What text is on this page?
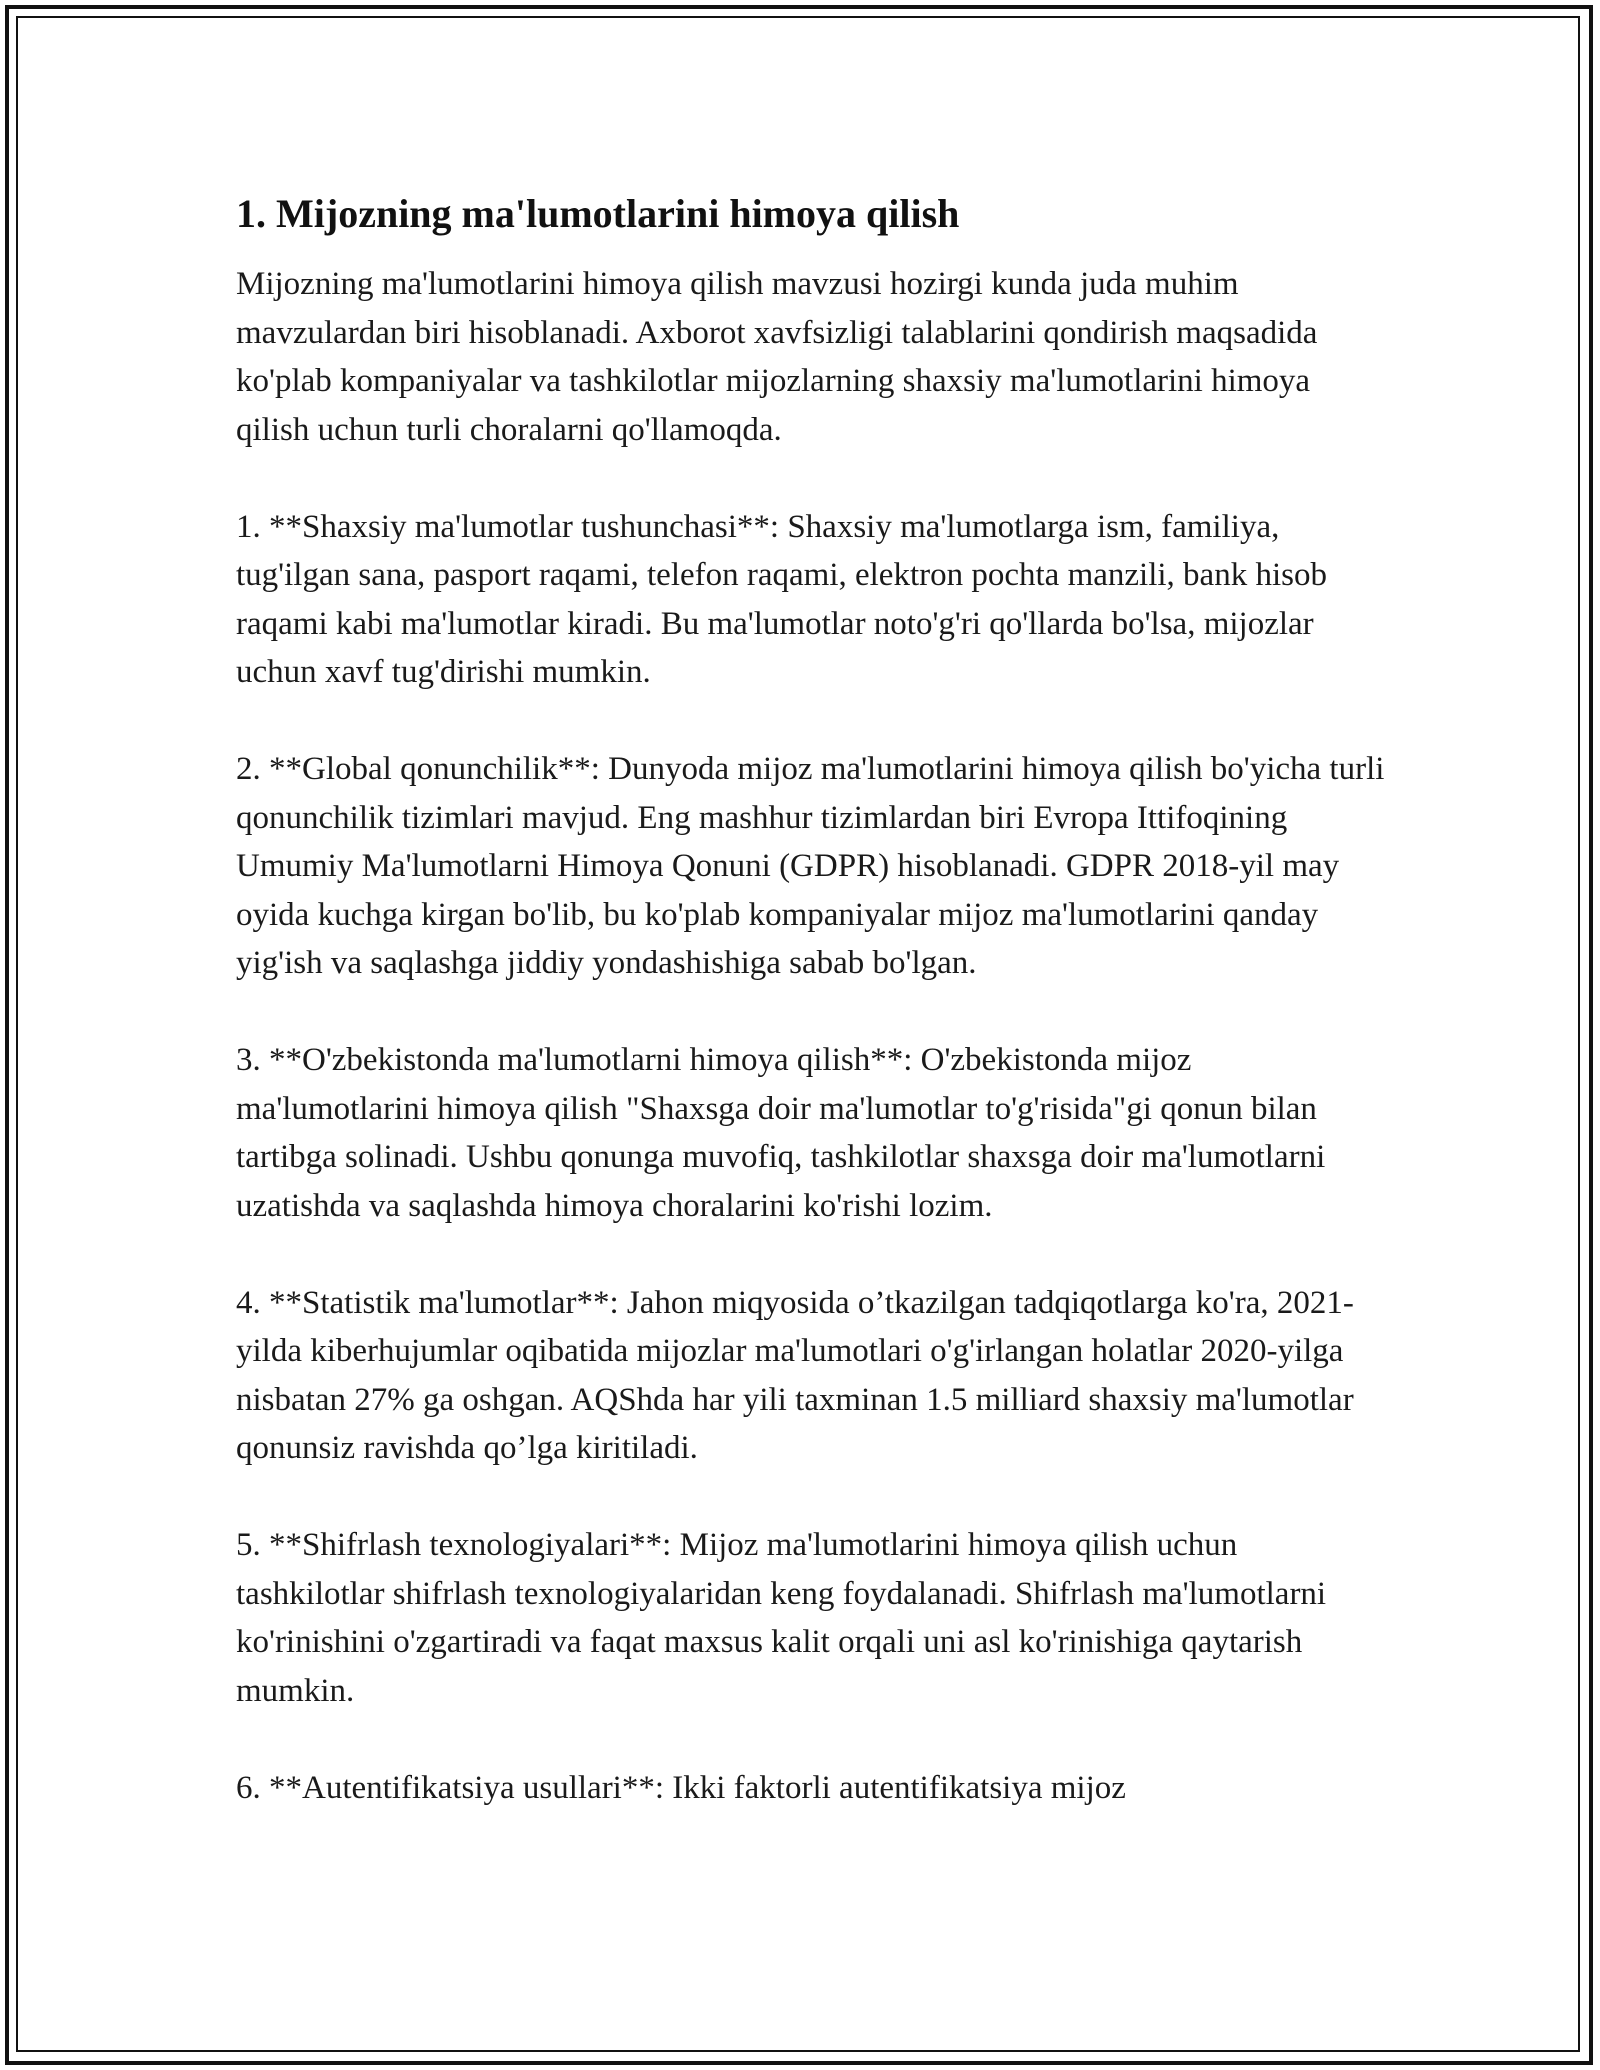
1. Mijozning ma'lumotlarini himoya qilish

Mijozning ma'lumotlarini himoya qilish mavzusi hozirgi kunda juda muhim mavzulardan biri hisoblanadi. Axborot xavfsizligi talablarini qondirish maqsadida ko'plab kompaniyalar va tashkilotlar mijozlarning shaxsiy ma'lumotlarini himoya qilish uchun turli choralarni qo'llamoqda.

1. **Shaxsiy ma'lumotlar tushunchasi**: Shaxsiy ma'lumotlarga ism, familiya, tug'ilgan sana, pasport raqami, telefon raqami, elektron pochta manzili, bank hisob raqami kabi ma'lumotlar kiradi. Bu ma'lumotlar noto'g'ri qo'llarda bo'lsa, mijozlar uchun xavf tug'dirishi mumkin.

2. **Global qonunchilik**: Dunyoda mijoz ma'lumotlarini himoya qilish bo'yicha turli qonunchilik tizimlari mavjud. Eng mashhur tizimlardan biri Evropa Ittifoqining Umumiy Ma'lumotlarni Himoya Qonuni (GDPR) hisoblanadi. GDPR 2018-yil may oyida kuchga kirgan bo'lib, bu ko'plab kompaniyalar mijoz ma'lumotlarini qanday yig'ish va saqlashga jiddiy yondashishiga sabab bo'lgan.

3. **O'zbekistonda ma'lumotlarni himoya qilish**: O'zbekistonda mijoz ma'lumotlarini himoya qilish "Shaxsga doir ma'lumotlar to'g'risida"gi qonun bilan tartibga solinadi. Ushbu qonunga muvofiq, tashkilotlar shaxsga doir ma'lumotlarni uzatishda va saqlashda himoya choralarini ko'rishi lozim.

4. **Statistik ma'lumotlar**: Jahon miqyosida o’tkazilgan tadqiqotlarga ko'ra, 2021-yilda kiberhujumlar oqibatida mijozlar ma'lumotlari o'g'irlangan holatlar 2020-yilga nisbatan 27% ga oshgan. AQShda har yili taxminan 1.5 milliard shaxsiy ma'lumotlar qonunsiz ravishda qo’lga kiritiladi.

5. **Shifrlash texnologiyalari**: Mijoz ma'lumotlarini himoya qilish uchun tashkilotlar shifrlash texnologiyalaridan keng foydalanadi. Shifrlash ma'lumotlarni ko'rinishini o'zgartiradi va faqat maxsus kalit orqali uni asl ko'rinishiga qaytarish mumkin.

6. **Autentifikatsiya usullari**: Ikki faktorli autentifikatsiya mijoz
